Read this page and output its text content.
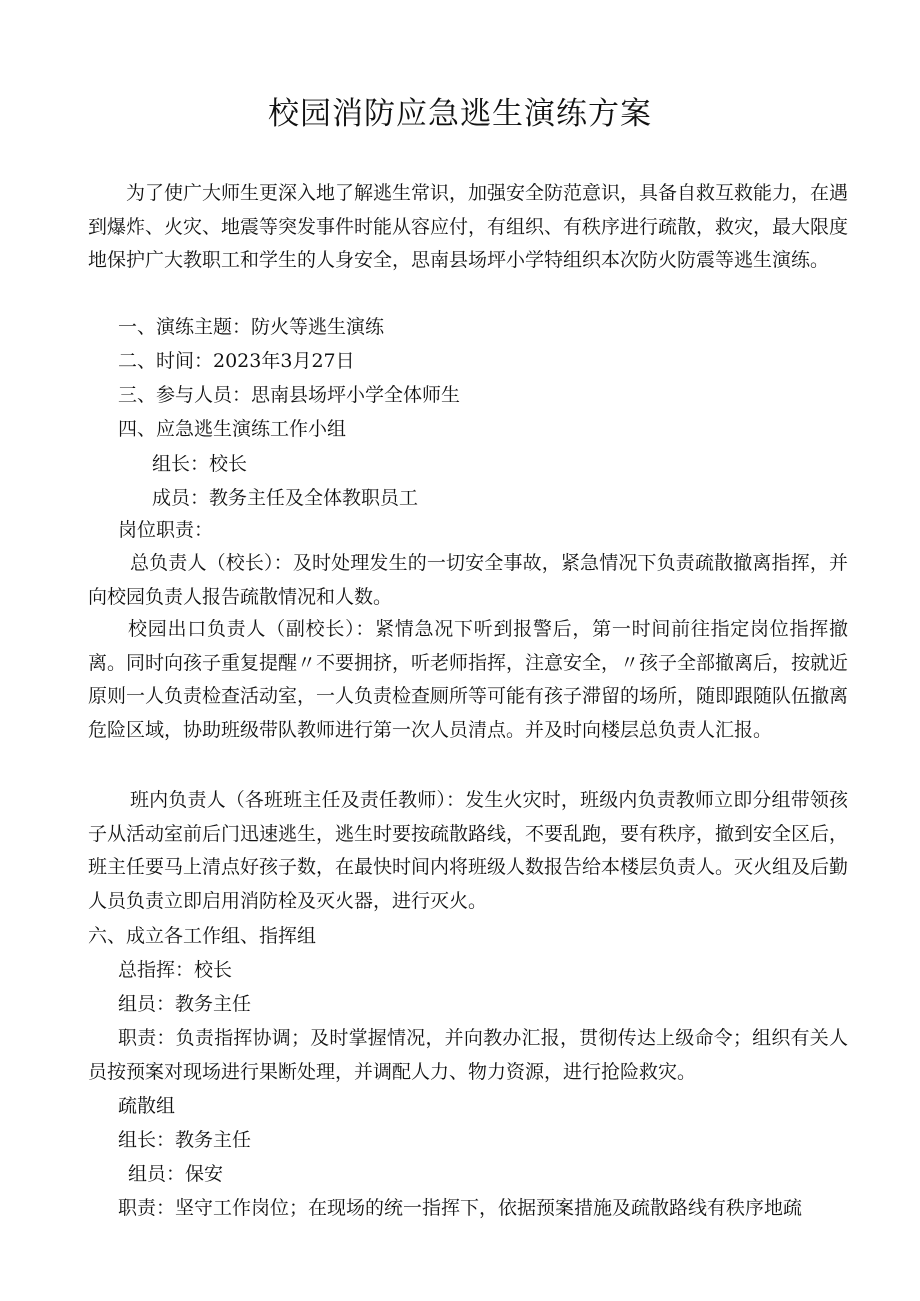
校园消防应急逃生演练方案
为了使广大师生更深入地了解逃生常识，加强安全防范意识，具备自救互救能力，在遇到爆炸、火灾、地震等突发事件时能从容应付，有组织、有秩序进行疏散，救灾，最大限度地保护广大教职工和学生的人身安全，思南县场坪小学特组织本次防火防震等逃生演练。
一、演练主题：防火等逃生演练
二、时间：2023年3月27日
三、参与人员：思南县场坪小学全体师生
四、应急逃生演练工作小组
组长：校长
成员：教务主任及全体教职员工
岗位职责：
总负责人（校长）：及时处理发生的一切安全事故，紧急情况下负责疏散撤离指挥，并向校园负责人报告疏散情况和人数。
校园出口负责人（副校长）：紧情急况下听到报警后，第一时间前往指定岗位指挥撤离。同时向孩子重复提醒〃不要拥挤，听老师指挥，注意安全，〃孩子全部撤离后，按就近原则一人负责检查活动室，一人负责检查厕所等可能有孩子滞留的场所，随即跟随队伍撤离危险区域，协助班级带队教师进行第一次人员清点。并及时向楼层总负责人汇报。
班内负责人（各班班主任及责任教师）：发生火灾时，班级内负责教师立即分组带领孩子从活动室前后门迅速逃生，逃生时要按疏散路线，不要乱跑，要有秩序，撤到安全区后，班主任要马上清点好孩子数，在最快时间内将班级人数报告给本楼层负责人。灭火组及后勤人员负责立即启用消防栓及灭火器，进行灭火。
六、成立各工作组、指挥组
总指挥：校长
组员：教务主任
职责：负责指挥协调；及时掌握情况，并向教办汇报，贯彻传达上级命令；组织有关人员按预案对现场进行果断处理，并调配人力、物力资源，进行抢险救灾。
疏散组
组长：教务主任
组员：保安
职责：坚守工作岗位；在现场的统一指挥下，依据预案措施及疏散路线有秩序地疏
